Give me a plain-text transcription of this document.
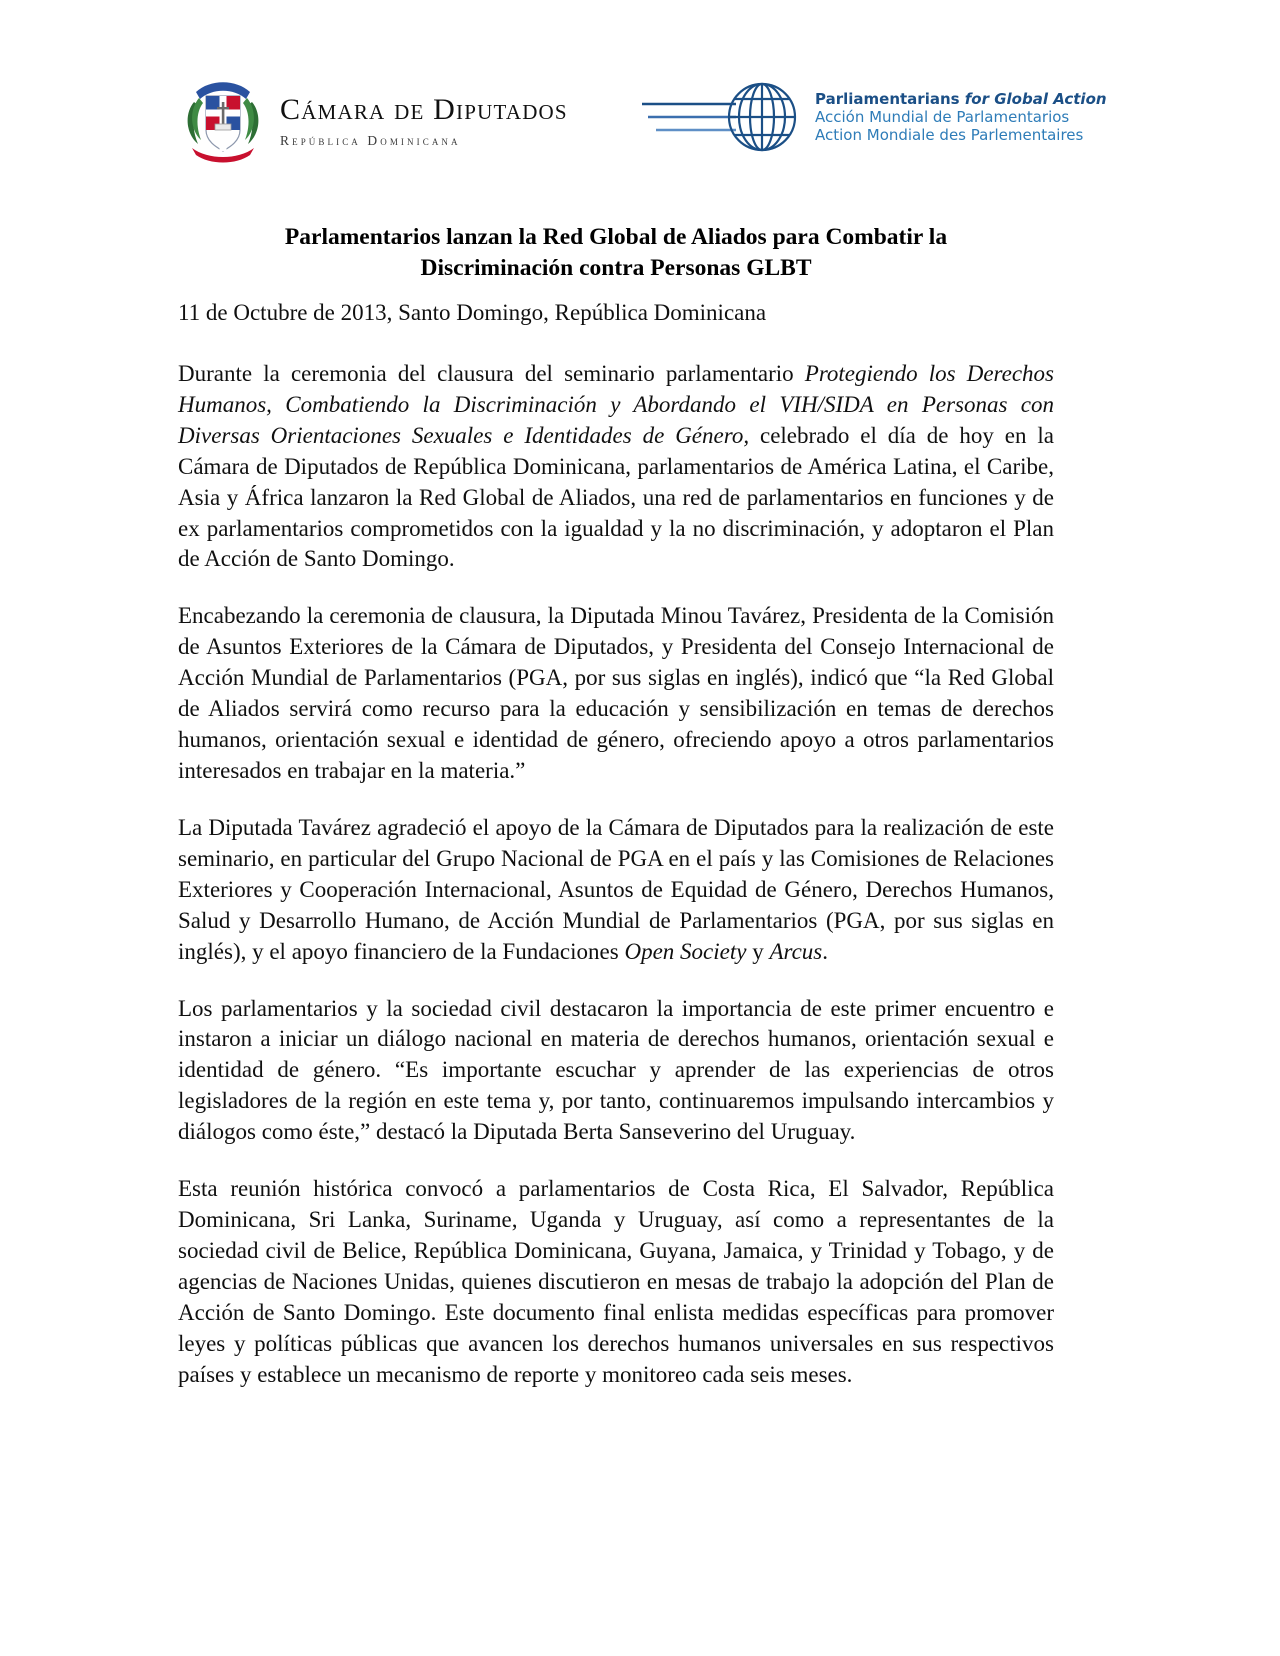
Cámara de Diputados
República Dominicana
Parliamentarians for Global Action
Acción Mundial de Parlamentarios
Action Mondiale des Parlementaires
Parlamentarios lanzan la Red Global de Aliados para Combatir la
Discriminación contra Personas GLBT

11 de Octubre de 2013, Santo Domingo, República Dominicana

Durante la ceremonia del clausura del seminario parlamentario Protegiendo los Derechos Humanos, Combatiendo la Discriminación y Abordando el VIH/SIDA en Personas con Diversas Orientaciones Sexuales e Identidades de Género, celebrado el día de hoy en la Cámara de Diputados de República Dominicana, parlamentarios de América Latina, el Caribe, Asia y África lanzaron la Red Global de Aliados, una red de parlamentarios en funciones y de ex parlamentarios comprometidos con la igualdad y la no discriminación, y adoptaron el Plan de Acción de Santo Domingo.

Encabezando la ceremonia de clausura, la Diputada Minou Tavárez, Presidenta de la Comisión de Asuntos Exteriores de la Cámara de Diputados, y Presidenta del Consejo Internacional de Acción Mundial de Parlamentarios (PGA, por sus siglas en inglés), indicó que “la Red Global de Aliados servirá como recurso para la educación y sensibilización en temas de derechos humanos, orientación sexual e identidad de género, ofreciendo apoyo a otros parlamentarios interesados en trabajar en la materia.”

La Diputada Tavárez agradeció el apoyo de la Cámara de Diputados para la realización de este seminario, en particular del Grupo Nacional de PGA en el país y las Comisiones de Relaciones Exteriores y Cooperación Internacional, Asuntos de Equidad de Género, Derechos Humanos, Salud y Desarrollo Humano, de Acción Mundial de Parlamentarios (PGA, por sus siglas en inglés), y el apoyo financiero de la Fundaciones Open Society y Arcus.

Los parlamentarios y la sociedad civil destacaron la importancia de este primer encuentro e instaron a iniciar un diálogo nacional en materia de derechos humanos, orientación sexual e identidad de género. “Es importante escuchar y aprender de las experiencias de otros legisladores de la región en este tema y, por tanto, continuaremos impulsando intercambios y diálogos como éste,” destacó la Diputada Berta Sanseverino del Uruguay.

Esta reunión histórica convocó a parlamentarios de Costa Rica, El Salvador, República Dominicana, Sri Lanka, Suriname, Uganda y Uruguay, así como a representantes de la sociedad civil de Belice, República Dominicana, Guyana, Jamaica, y Trinidad y Tobago, y de agencias de Naciones Unidas, quienes discutieron en mesas de trabajo la adopción del Plan de Acción de Santo Domingo. Este documento final enlista medidas específicas para promover leyes y políticas públicas que avancen los derechos humanos universales en sus respectivos países y establece un mecanismo de reporte y monitoreo cada seis meses.
